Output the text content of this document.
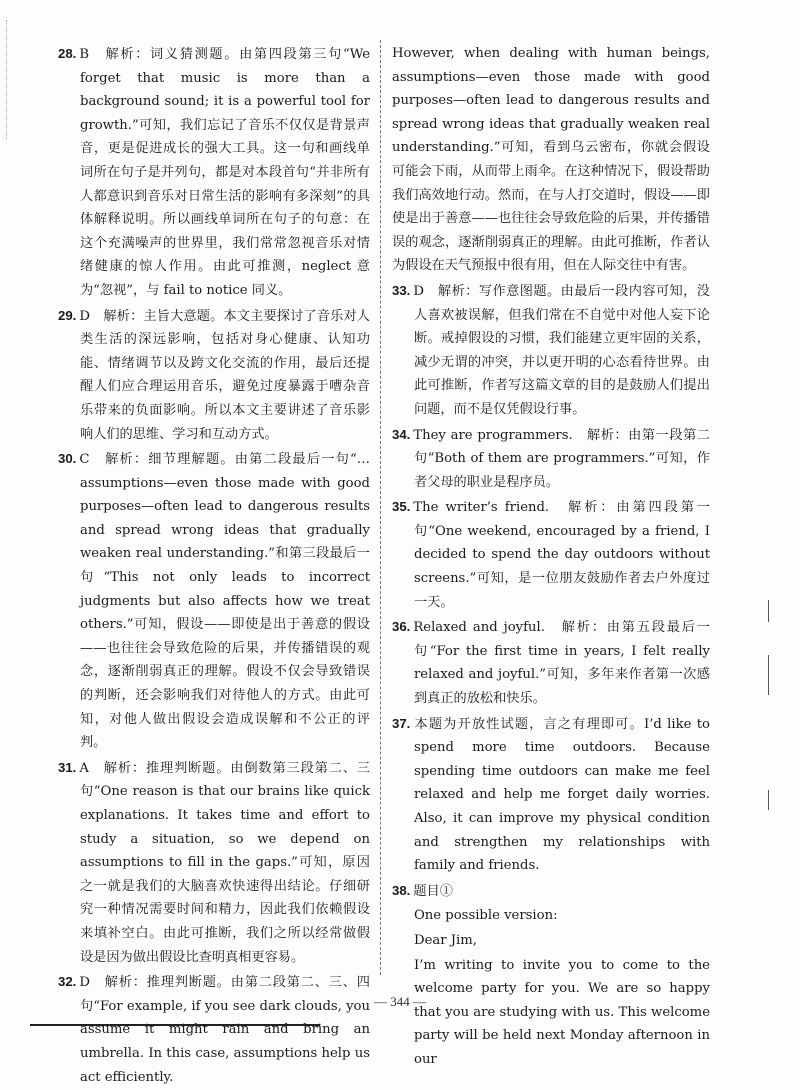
28. B　解析：词义猜测题。由第四段第三句“We forget that music is more than a background sound; it is a powerful tool for growth.”可知，我们忘记了音乐不仅仅是背景声音，更是促进成长的强大工具。这一句和画线单词所在句子是并列句，都是对本段首句“并非所有人都意识到音乐对日常生活的影响有多深刻”的具体解释说明。所以画线单词所在句子的句意：在这个充满噪声的世界里，我们常常忽视音乐对情绪健康的惊人作用。由此可推测，neglect 意为“忽视”，与 fail to notice 同义。
29. D　解析：主旨大意题。本文主要探讨了音乐对人类生活的深远影响，包括对身心健康、认知功能、情绪调节以及跨文化交流的作用，最后还提醒人们应合理运用音乐，避免过度暴露于嘈杂音乐带来的负面影响。所以本文主要讲述了音乐影响人们的思维、学习和互动方式。
30. C　解析：细节理解题。由第二段最后一句“…assumptions—even those made with good purposes—often lead to dangerous results and spread wrong ideas that gradually weaken real understanding.”和第三段最后一句“This not only leads to incorrect judgments but also affects how we treat others.”可知，假设——即使是出于善意的假设——也往往会导致危险的后果，并传播错误的观念，逐渐削弱真正的理解。假设不仅会导致错误的判断，还会影响我们对待他人的方式。由此可知，对他人做出假设会造成误解和不公正的评判。
31. A　解析：推理判断题。由倒数第三段第二、三句“One reason is that our brains like quick explanations. It takes time and effort to study a situation, so we depend on assumptions to fill in the gaps.”可知，原因之一就是我们的大脑喜欢快速得出结论。仔细研究一种情况需要时间和精力，因此我们依赖假设来填补空白。由此可推断，我们之所以经常做假设是因为做出假设比查明真相更容易。
32. D　解析：推理判断题。由第二段第二、三、四句“For example, if you see dark clouds, you assume it might rain and bring an umbrella. In this case, assumptions help us act efficiently.
However, when dealing with human beings, assumptions—even those made with good purposes—often lead to dangerous results and spread wrong ideas that gradually weaken real understanding.”可知，看到乌云密布，你就会假设可能会下雨，从而带上雨伞。在这种情况下，假设帮助我们高效地行动。然而，在与人打交道时，假设——即使是出于善意——也往往会导致危险的后果，并传播错误的观念，逐渐削弱真正的理解。由此可推断，作者认为假设在天气预报中很有用，但在人际交往中有害。
33. D　解析：写作意图题。由最后一段内容可知，没人喜欢被误解，但我们常在不自觉中对他人妄下论断。戒掉假设的习惯，我们能建立更牢固的关系，减少无谓的冲突，并以更开明的心态看待世界。由此可推断，作者写这篇文章的目的是鼓励人们提出问题，而不是仅凭假设行事。
34. They are programmers.　解析：由第一段第二句“Both of them are programmers.”可知，作者父母的职业是程序员。
35. The writer’s friend.　解析：由第四段第一句“One weekend, encouraged by a friend, I decided to spend the day outdoors without screens.”可知，是一位朋友鼓励作者去户外度过一天。
36. Relaxed and joyful.　解析：由第五段最后一句“For the first time in years, I felt really relaxed and joyful.”可知，多年来作者第一次感到真正的放松和快乐。
37. 本题为开放性试题，言之有理即可。I’d like to spend more time outdoors. Because spending time outdoors can make me feel relaxed and help me forget daily worries. Also, it can improve my physical condition and strengthen my relationships with family and friends.
38. 题目①
One possible version:
Dear Jim,
I’m writing to invite you to come to the welcome party for you. We are so happy that you are studying with us. This welcome party will be held next Monday afternoon in our
— 344 —
